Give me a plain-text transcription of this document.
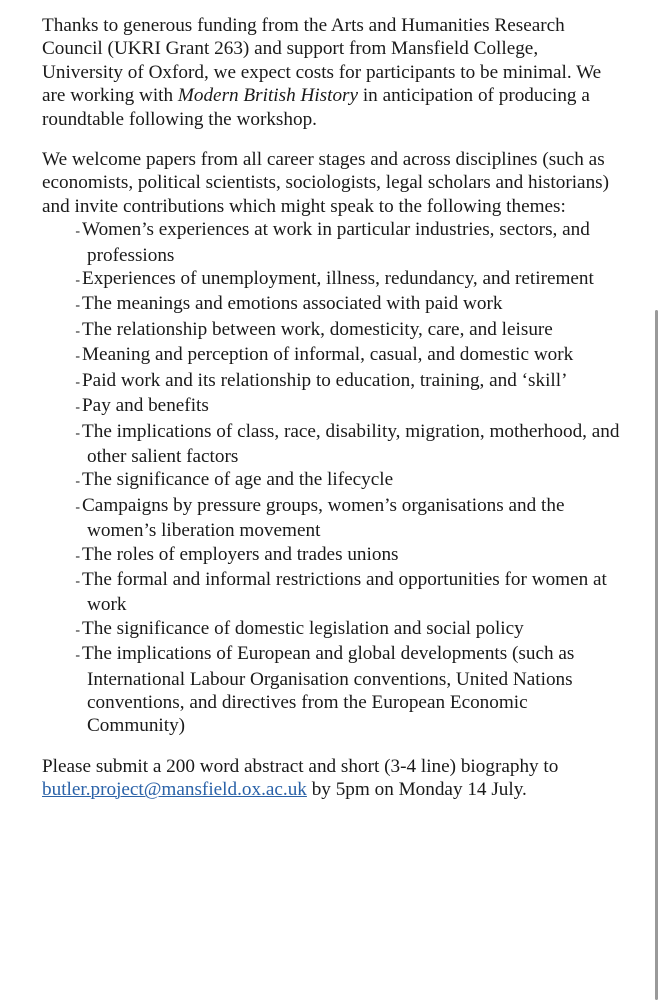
Thanks to generous funding from the Arts and Humanities Research Council (UKRI Grant 263) and support from Mansfield College, University of Oxford, we expect costs for participants to be minimal. We are working with Modern British History in anticipation of producing a roundtable following the workshop.

We welcome papers from all career stages and across disciplines (such as economists, political scientists, sociologists, legal scholars and historians) and invite contributions which might speak to the following themes:

- Women’s experiences at work in particular industries, sectors, and professions
- Experiences of unemployment, illness, redundancy, and retirement
- The meanings and emotions associated with paid work
- The relationship between work, domesticity, care, and leisure
- Meaning and perception of informal, casual, and domestic work
- Paid work and its relationship to education, training, and ‘skill’
- Pay and benefits
- The implications of class, race, disability, migration, motherhood, and other salient factors
- The significance of age and the lifecycle
- Campaigns by pressure groups, women’s organisations and the women’s liberation movement
- The roles of employers and trades unions
- The formal and informal restrictions and opportunities for women at work
- The significance of domestic legislation and social policy
- The implications of European and global developments (such as International Labour Organisation conventions, United Nations conventions, and directives from the European Economic Community)

Please submit a 200 word abstract and short (3-4 line) biography to butler.project@mansfield.ox.ac.uk by 5pm on Monday 14 July.
